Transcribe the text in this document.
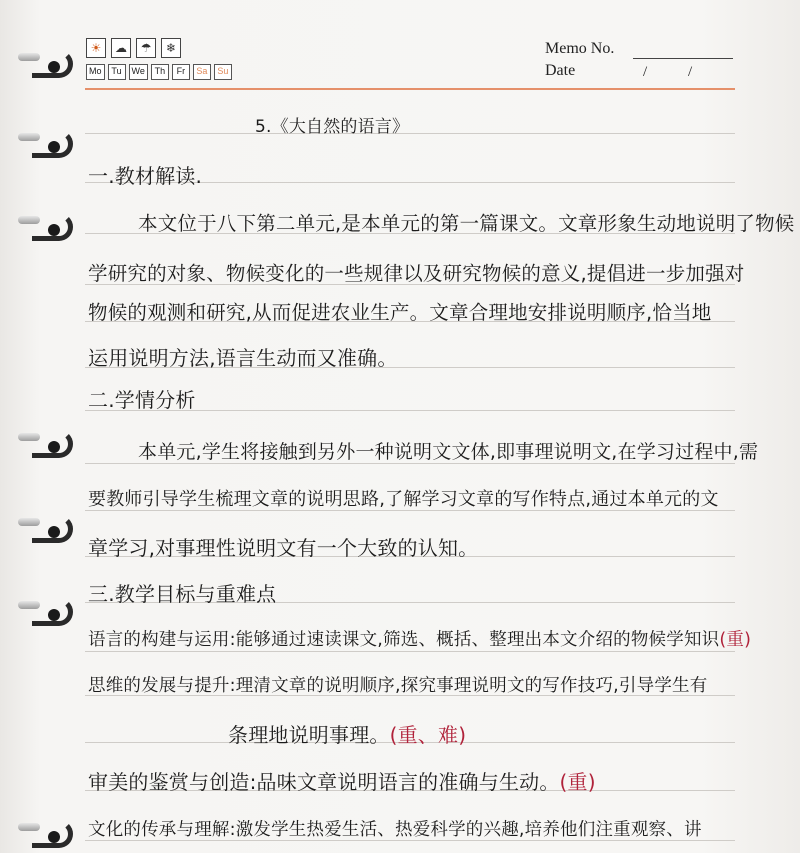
☀	☁	☂	❄
Mo	Tu	We	Th	Fr	Sa	Su
Memo No.
Date	/	/
5.《大自然的语言》
一.教材解读.
本文位于八下第二单元,是本单元的第一篇课文。文章形象生动地说明了物候
学研究的对象、物候变化的一些规律以及研究物候的意义,提倡进一步加强对
物候的观测和研究,从而促进农业生产。文章合理地安排说明顺序,恰当地
运用说明方法,语言生动而又准确。
二.学情分析
本单元,学生将接触到另外一种说明文文体,即事理说明文,在学习过程中,需
要教师引导学生梳理文章的说明思路,了解学习文章的写作特点,通过本单元的文
章学习,对事理性说明文有一个大致的认知。
三.教学目标与重难点
语言的构建与运用:能够通过速读课文,筛选、概括、整理出本文介绍的物候学知识(重)
思维的发展与提升:理清文章的说明顺序,探究事理说明文的写作技巧,引导学生有
条理地说明事理。(重、难)
审美的鉴赏与创造:品味文章说明语言的准确与生动。(重)
文化的传承与理解:激发学生热爱生活、热爱科学的兴趣,培养他们注重观察、讲
